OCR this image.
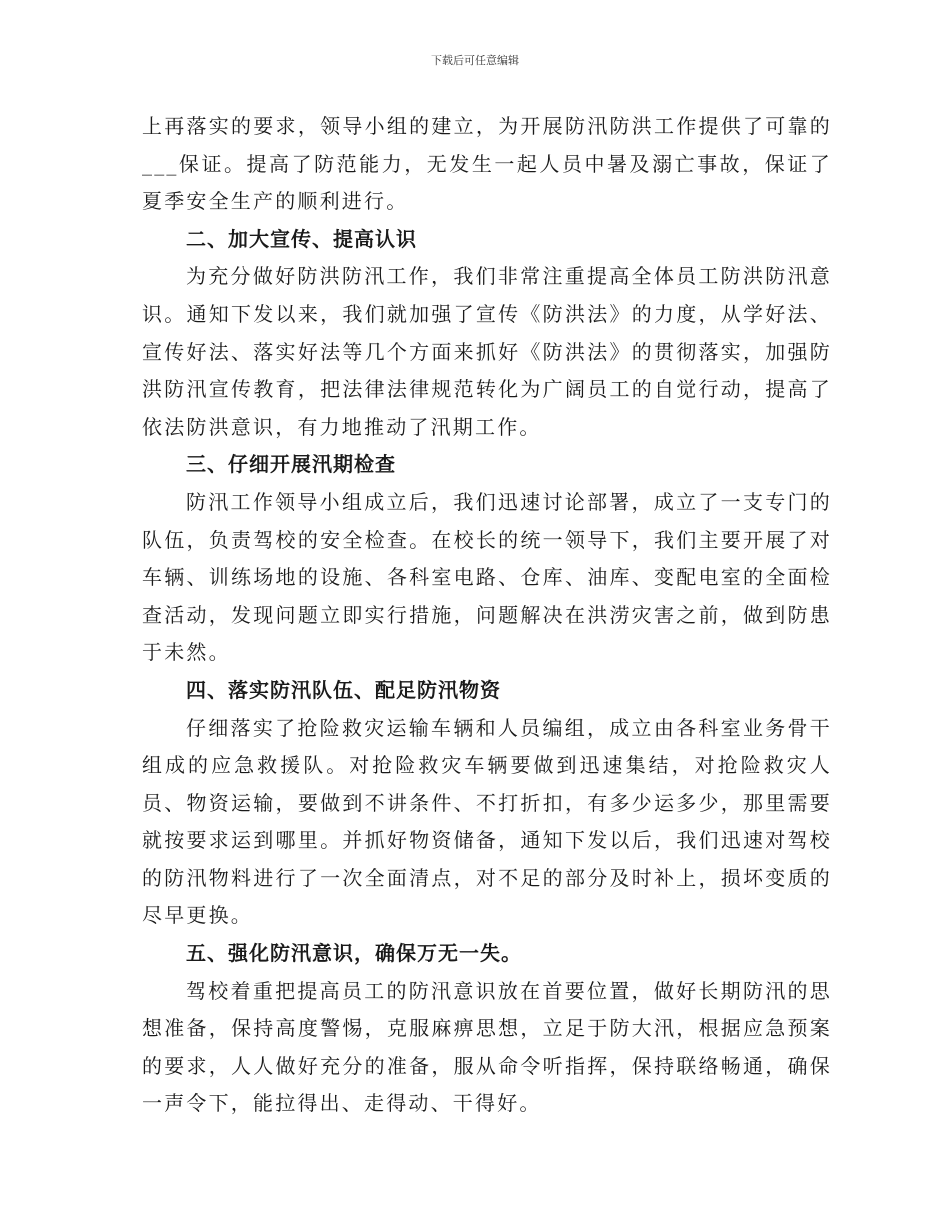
下载后可任意编辑

上再落实的要求，领导小组的建立，为开展防汛防洪工作提供了可靠的___保证。提高了防范能力，无发生一起人员中暑及溺亡事故，保证了夏季安全生产的顺利进行。

二、加大宣传、提高认识

为充分做好防洪防汛工作，我们非常注重提高全体员工防洪防汛意识。通知下发以来，我们就加强了宣传《防洪法》的力度，从学好法、宣传好法、落实好法等几个方面来抓好《防洪法》的贯彻落实，加强防洪防汛宣传教育，把法律法律规范转化为广阔员工的自觉行动，提高了依法防洪意识，有力地推动了汛期工作。

三、仔细开展汛期检查

防汛工作领导小组成立后，我们迅速讨论部署，成立了一支专门的队伍，负责驾校的安全检查。在校长的统一领导下，我们主要开展了对车辆、训练场地的设施、各科室电路、仓库、油库、变配电室的全面检查活动，发现问题立即实行措施，问题解决在洪涝灾害之前，做到防患于未然。

四、落实防汛队伍、配足防汛物资

仔细落实了抢险救灾运输车辆和人员编组，成立由各科室业务骨干组成的应急救援队。对抢险救灾车辆要做到迅速集结，对抢险救灾人员、物资运输，要做到不讲条件、不打折扣，有多少运多少，那里需要就按要求运到哪里。并抓好物资储备，通知下发以后，我们迅速对驾校的防汛物料进行了一次全面清点，对不足的部分及时补上，损坏变质的尽早更换。

五、强化防汛意识，确保万无一失。

驾校着重把提高员工的防汛意识放在首要位置，做好长期防汛的思想准备，保持高度警惕，克服麻痹思想，立足于防大汛，根据应急预案的要求，人人做好充分的准备，服从命令听指挥，保持联络畅通，确保一声令下，能拉得出、走得动、干得好。
